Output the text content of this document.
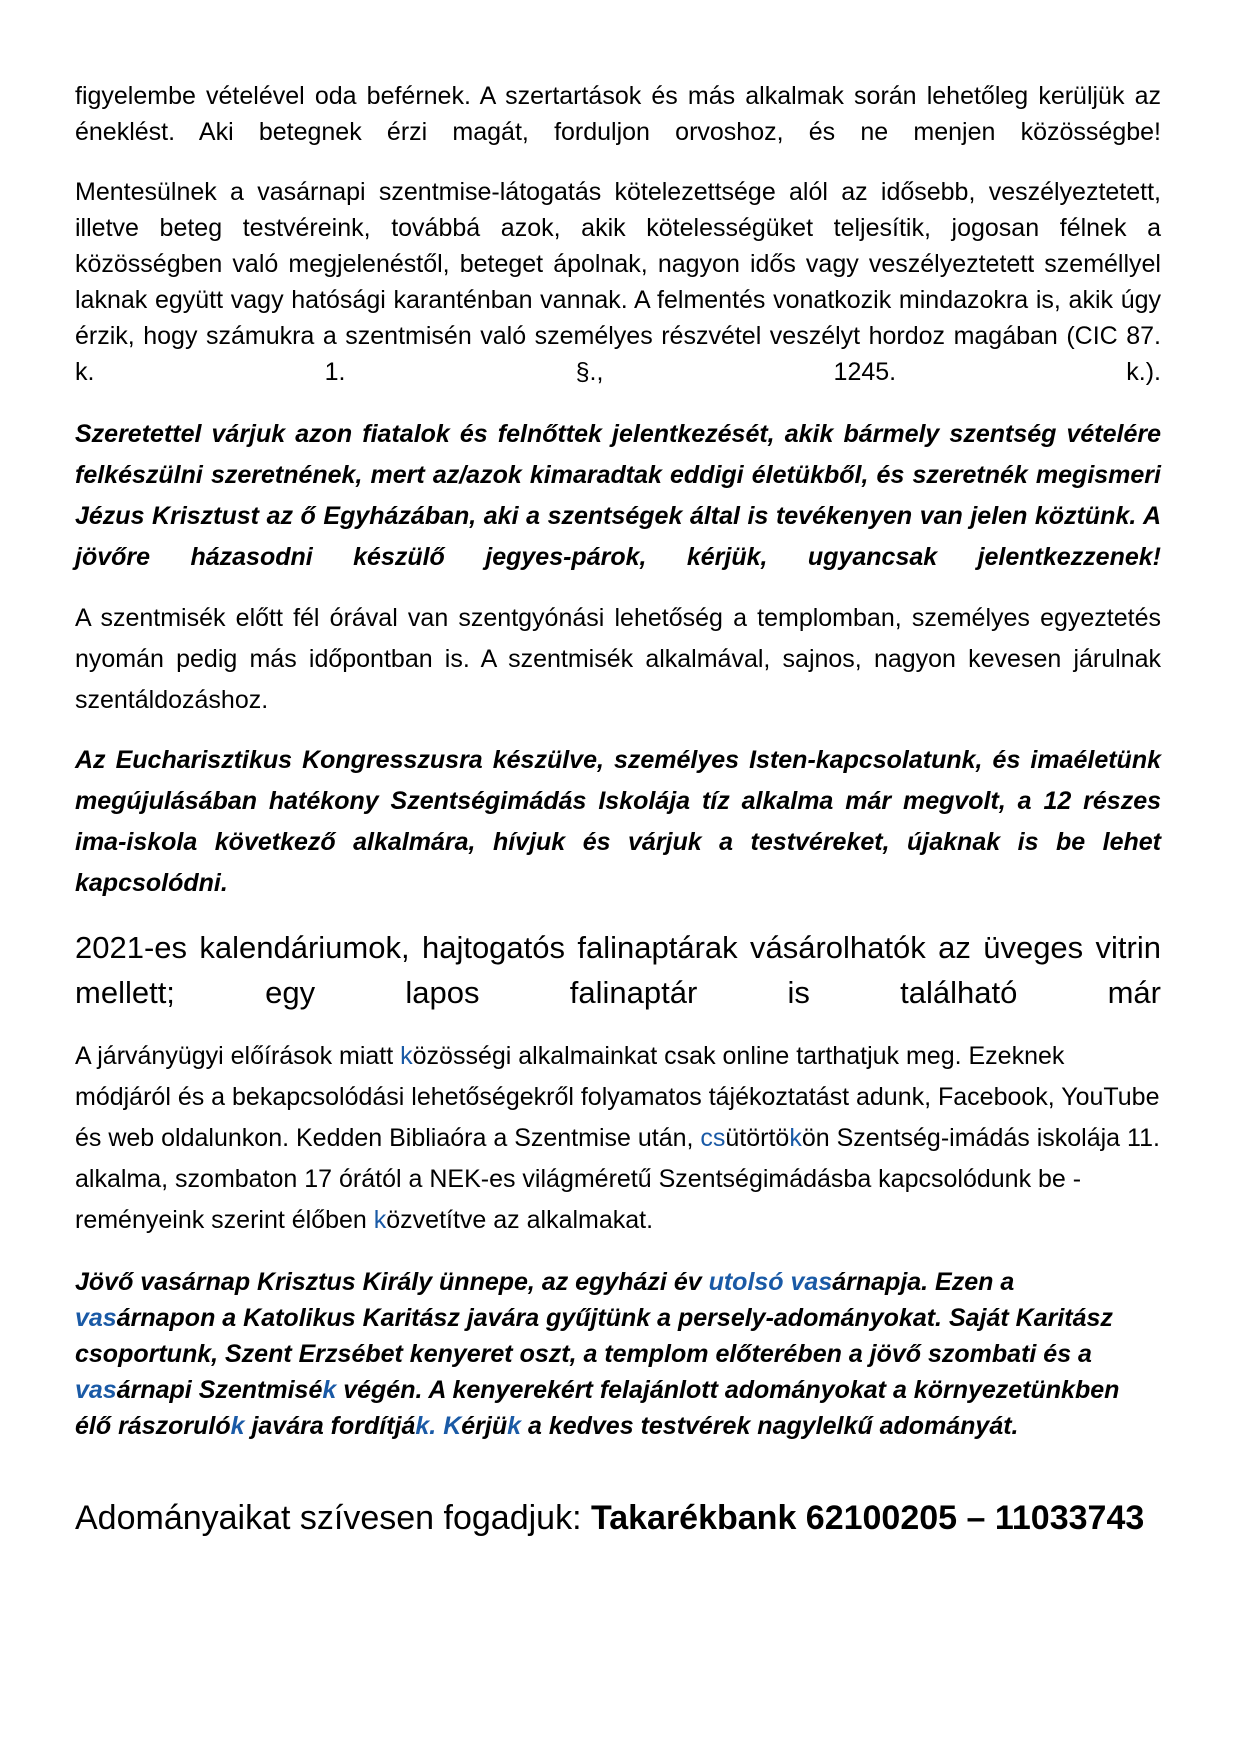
figyelembe vételével oda beférnek. A szertartások és más alkalmak során lehetőleg kerüljük az éneklést. Aki betegnek érzi magát, forduljon orvoshoz, és ne menjen közösségbe!

Mentesülnek a vasárnapi szentmise-látogatás kötelezettsége alól az idősebb, veszélyeztetett, illetve beteg testvéreink, továbbá azok, akik kötelességüket teljesítik, jogosan félnek a közösségben való megjelenéstől, beteget ápolnak, nagyon idős vagy veszélyeztetett személlyel laknak együtt vagy hatósági karanténban vannak. A felmentés vonatkozik mindazokra is, akik úgy érzik, hogy számukra a szentmisén való személyes részvétel veszélyt hordoz magában (CIC 87. k. 1. §., 1245. k.).

Szeretettel várjuk azon fiatalok és felnőttek jelentkezését, akik bármely szentség vételére felkészülni szeretnének, mert az/azok kimaradtak eddigi életükből, és szeretnék megismeri Jézus Krisztust az ő Egyházában, aki a szentségek által is tevékenyen van jelen köztünk. A jövőre házasodni készülő jegyes-párok, kérjük, ugyancsak jelentkezzenek!

A szentmisék előtt fél órával van szentgyónási lehetőség a templomban, személyes egyeztetés nyomán pedig más időpontban is. A szentmisék alkalmával, sajnos, nagyon kevesen járulnak szentáldozáshoz.

Az Eucharisztikus Kongresszusra készülve, személyes Isten-kapcsolatunk, és imaéletünk megújulásában hatékony Szentségimádás Iskolája tíz alkalma már megvolt, a 12 részes ima-iskola következő alkalmára, hívjuk és várjuk a testvéreket, újaknak is be lehet kapcsolódni.

2021-es kalendáriumok, hajtogatós falinaptárak vásárolhatók az üveges vitrin mellett; egy lapos falinaptár is található már

A járványügyi előírások miatt közösségi alkalmainkat csak online tarthatjuk meg. Ezeknek módjáról és a bekapcsolódási lehetőségekről folyamatos tájékoztatást adunk, Facebook, YouTube és web oldalunkon. Kedden Bibliaóra a Szentmise után, csütörtökön Szentség-imádás iskolája 11. alkalma, szombaton 17 órától a NEK-es világméretű Szentségimádásba kapcsolódunk be - reményeink szerint élőben közvetítve az alkalmakat.

Jövő vasárnap Krisztus Király ünnepe, az egyházi év utolsó vasárnapja. Ezen a vasárnapon a Katolikus Karitász javára gyűjtünk a persely-adományokat. Saját Karitász csoportunk, Szent Erzsébet kenyeret oszt, a templom előterében a jövő szombati és a vasárnapi Szentmisék végén. A kenyerekért felajánlott adományokat a környezetünkben élő rászorulók javára fordítják. Kérjük a kedves testvérek nagylelkű adományát.

Adományaikat szívesen fogadjuk: Takarékbank 62100205 – 11033743
